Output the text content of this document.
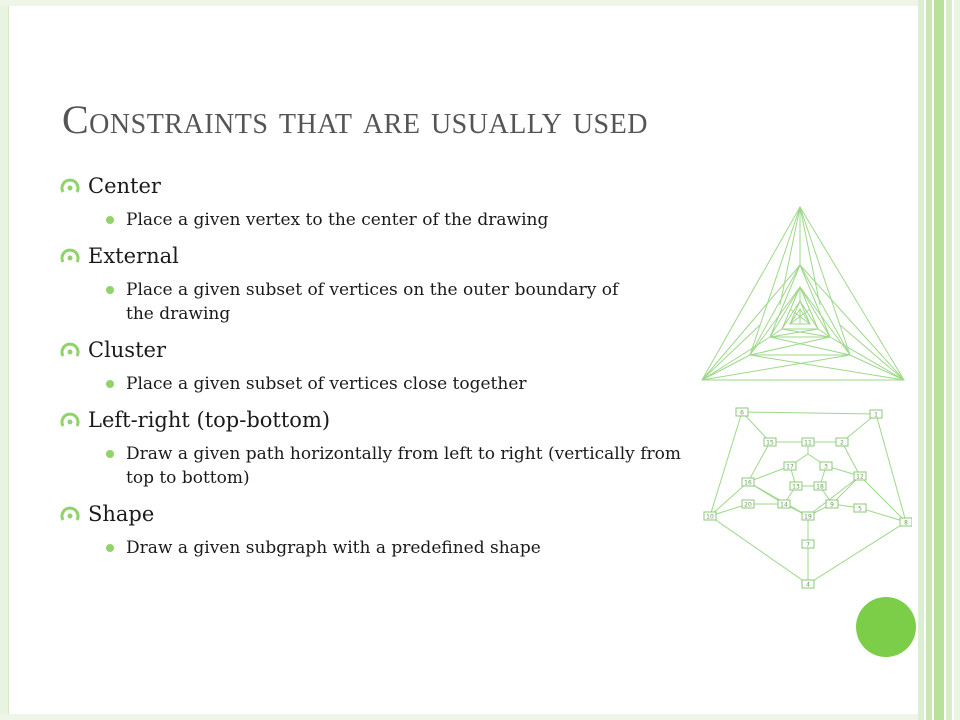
Constraints that are usually used
Center
Place a given vertex to the center of the drawing
External
Place a given subset of vertices on the outer boundary of the drawing
Cluster
Place a given subset of vertices close together
Left-right (top-bottom)
Draw a given path horizontally from left to right (vertically from top to bottom)
Shape
Draw a given subgraph with a predefined shape
6	1
15	11	2
16
17	3
12
13	18
20
10
5
8
14
19
9
7
4
